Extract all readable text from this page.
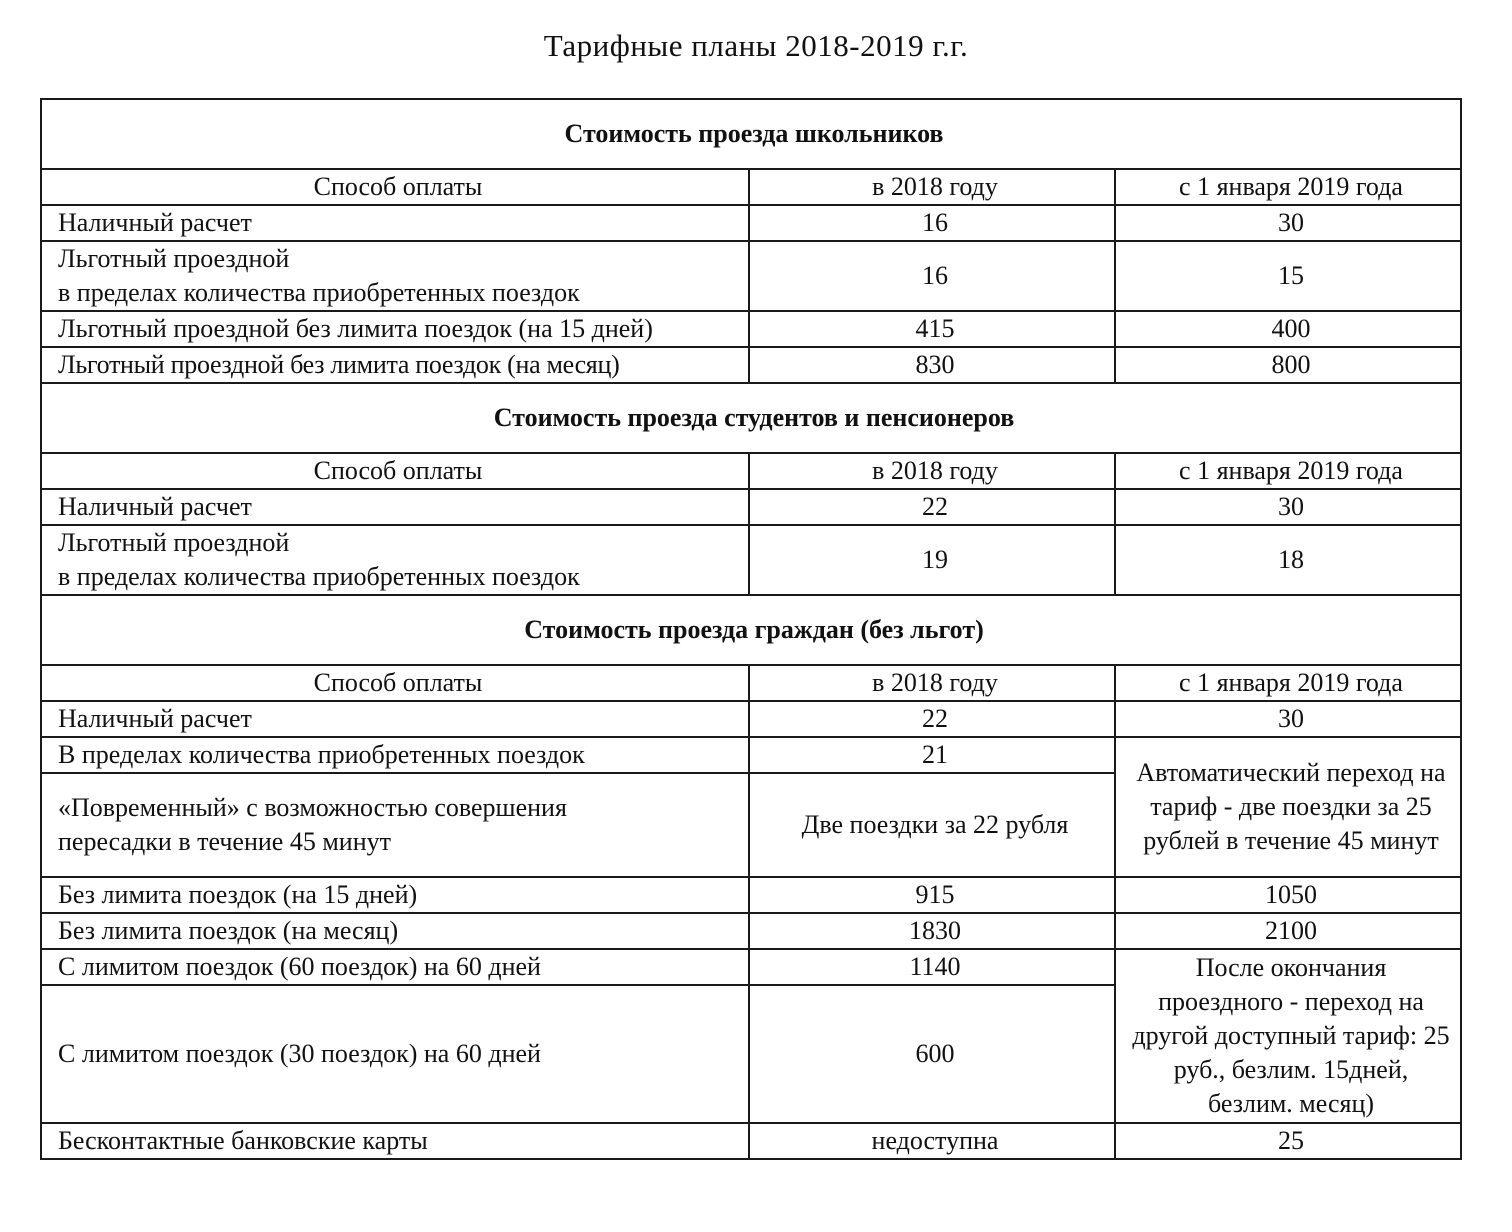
Тарифные планы 2018-2019 г.г.
Стоимость проезда школьников		
Способ оплаты	в 2018 году	с 1 января 2019 года
Наличный расчет	16	30

Льготный проездной
в пределах количества приобретенных поездок	16	15
Льготный проездной без лимита поездок (на 15 дней)	415	400
Льготный проездной без лимита поездок (на месяц)	830	800
Стоимость проезда студентов и пенсионеров		
Способ оплаты	в 2018 году	с 1 января 2019 года
Наличный расчет	22	30

Льготный проездной
в пределах количества приобретенных поездок	19	18
Стоимость проезда граждан (без льгот)		
Способ оплаты	в 2018 году	с 1 января 2019 года
Наличный расчет	22	30
В пределах количества приобретенных поездок	21	Автоматический переход на тариф - две поездки за 25 рублей в течение 45 минут
«Повременный» с возможностью совершения пересадки в течение 45 минут	Две поездки за 22 рубля	
Без лимита поездок (на 15 дней)	915	1050
Без лимита поездок (на месяц)	1830	2100
С лимитом поездок (60 поездок) на 60 дней	1140	После окончания проездного - переход на другой доступный тариф: 25 руб., безлим. 15дней, безлим. месяц)
С лимитом поездок (30 поездок) на 60 дней	600	
Бесконтактные банковские карты	недоступна	25
